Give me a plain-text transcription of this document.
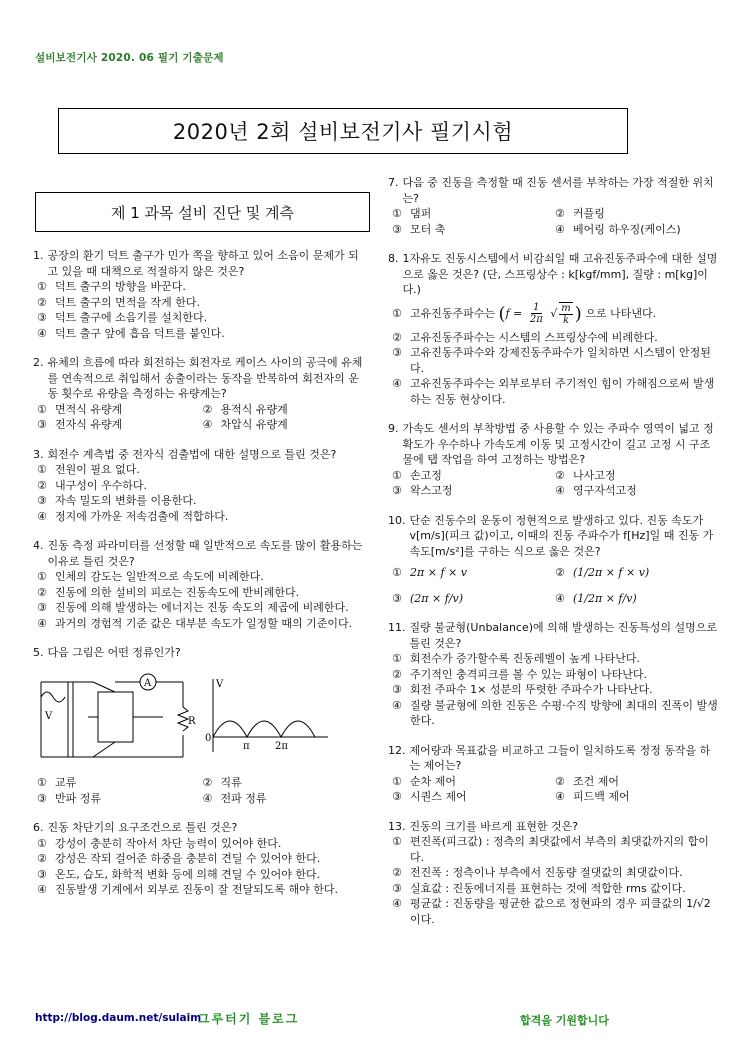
설비보전기사 2020. 06 필기 기출문제
2020년 2회 설비보전기사 필기시험
제 1 과목 설비 진단 및 계측
1. 공장의 환기 덕트 출구가 민가 쪽을 향하고 있어 소음이 문제가 되고 있을 때 대책으로 적절하지 않은 것은?
① 덕트 출구의 방향을 바꾼다.
② 덕트 출구의 면적을 작게 한다.
③ 덕트 출구에 소음기를 설치한다.
④ 덕트 출구 앞에 흡음 덕트를 붙인다.
2. 유체의 흐름에 따라 회전하는 회전자로 케이스 사이의 공극에 유체를 연속적으로 취입해서 송출이라는 동작을 반복하여 회전자의 운동 횟수로 유량을 측정하는 유량계는?
① 면적식 유량계	② 용적식 유량계
③ 전자식 유량계	④ 차압식 유량계
3. 회전수 계측법 중 전자식 검출법에 대한 설명으로 틀린 것은?
① 전원이 필요 없다.
② 내구성이 우수하다.
③ 자속 밀도의 변화를 이용한다.
④ 정지에 가까운 저속검출에 적합하다.
4. 진동 측정 파라미터를 선정할 때 일반적으로 속도를 많이 활용하는 이유로 틀린 것은?
① 인체의 감도는 일반적으로 속도에 비례한다.
② 진동에 의한 설비의 피로는 진동속도에 반비례한다.
③ 진동에 의해 발생하는 에너지는 진동 속도의 제곱에 비례한다.
④ 과거의 경험적 기준 값은 대부분 속도가 일정할 때의 기준이다.
5. 다음 그림은 어떤 정류인가?
A
R
V
0
π	2π
V
① 교류	② 직류
③ 반파 정류	④ 전파 정류
6. 진동 차단기의 요구조건으로 틀린 것은?
① 강성이 충분히 작아서 차단 능력이 있어야 한다.
② 강성은 작되 걸어준 하중을 충분히 견딜 수 있어야 한다.
③ 온도, 습도, 화학적 변화 등에 의해 견딜 수 있어야 한다.
④ 진동발생 기계에서 외부로 진동이 잘 전달되도록 해야 한다.
7. 다음 중 진동을 측정할 때 진동 센서를 부착하는 가장 적절한 위치는?
① 댐퍼	② 커플링
③ 모터 축	④ 베어링 하우징(케이스)
8. 1자유도 진동시스템에서 비감쇠일 때 고유진동주파수에 대한 설명으로 옳은 것은? (단, 스프링상수 : k[kgf/mm], 질량 : m[kg]이다.)
① 고유진동주파수는 ($f = \frac{1}{2\pi}$ √ $\frac{m}{k}$ ) 으로 나타낸다.
② 고유진동주파수는 시스템의 스프링상수에 비례한다.
③ 고유진동주파수와 강제진동주파수가 일치하면 시스템이 안정된다.
④ 고유진동주파수는 외부로부터 주기적인 힘이 가해짐으로써 발생하는 진동 현상이다.
9. 가속도 센서의 부착방법 중 사용할 수 있는 주파수 영역이 넓고 정확도가 우수하나 가속도계 이동 및 고정시간이 길고 고정 시 구조물에 탭 작업을 하여 고정하는 방법은?
① 손고정	② 나사고정
③ 왁스고정	④ 영구자석고정
10. 단순 진동수의 운동이 정현적으로 발생하고 있다. 진동 속도가 v[m/s](피크 값)이고, 이때의 진동 주파수가 f[Hz]일 때 진동 가속도[m/s²]를 구하는 식으로 옳은 것은?
① 2π × f × v	② (1/2π × f × v)
③ (2π × f/v)	④ (1/2π × f/v)
11. 질량 불균형(Unbalance)에 의해 발생하는 진동특성의 설명으로 틀린 것은?
① 회전수가 증가할수록 진동레벨이 높게 나타난다.
② 주기적인 충격피크를 볼 수 있는 파형이 나타난다.
③ 회전 주파수 1× 성분의 뚜렷한 주파수가 나타난다.
④ 질량 불균형에 의한 진동은 수평·수직 방향에 최대의 진폭이 발생한다.
12. 제어량과 목표값을 비교하고 그들이 일치하도록 정정 동작을 하는 제어는?
① 순차 제어	② 조건 제어
③ 시퀀스 제어	④ 피드백 제어
13. 진동의 크기를 바르게 표현한 것은?
① 편진폭(피크값) : 정측의 최댓값에서 부측의 최댓값까지의 합이다.
② 전진폭 : 정측이나 부측에서 진동량 절댓값의 최댓값이다.
③ 실효값 : 진동에너지를 표현하는 것에 적합한 rms 값이다.
④ 평균값 : 진동량을 평균한 값으로 정현파의 경우 피클값의 1/√2 이다.
http://blog.daum.net/sulaim
그루터기 블로그	합격을 기원합니다
